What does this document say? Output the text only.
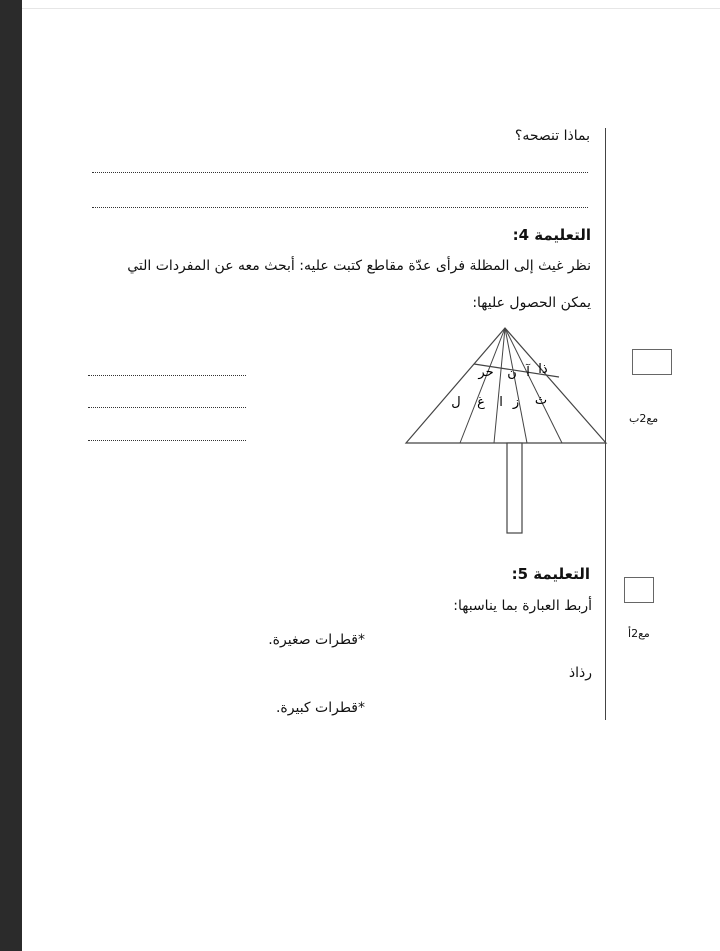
بماذا تنصحه؟
التعليمة 4:
نظر غيث إلى المظلة فرأى عدّة مقاطع كتبت عليه: أبحث معه عن المفردات التي
يمكن الحصول عليها:
ذا
آ
ن
حر
ث
ز
ا
غ
ل
مع2ب
مع2أ
التعليمة 5:
أربط العبارة بما يناسبها:
*قطرات صغيرة.
رذاذ
*قطرات كبيرة.
